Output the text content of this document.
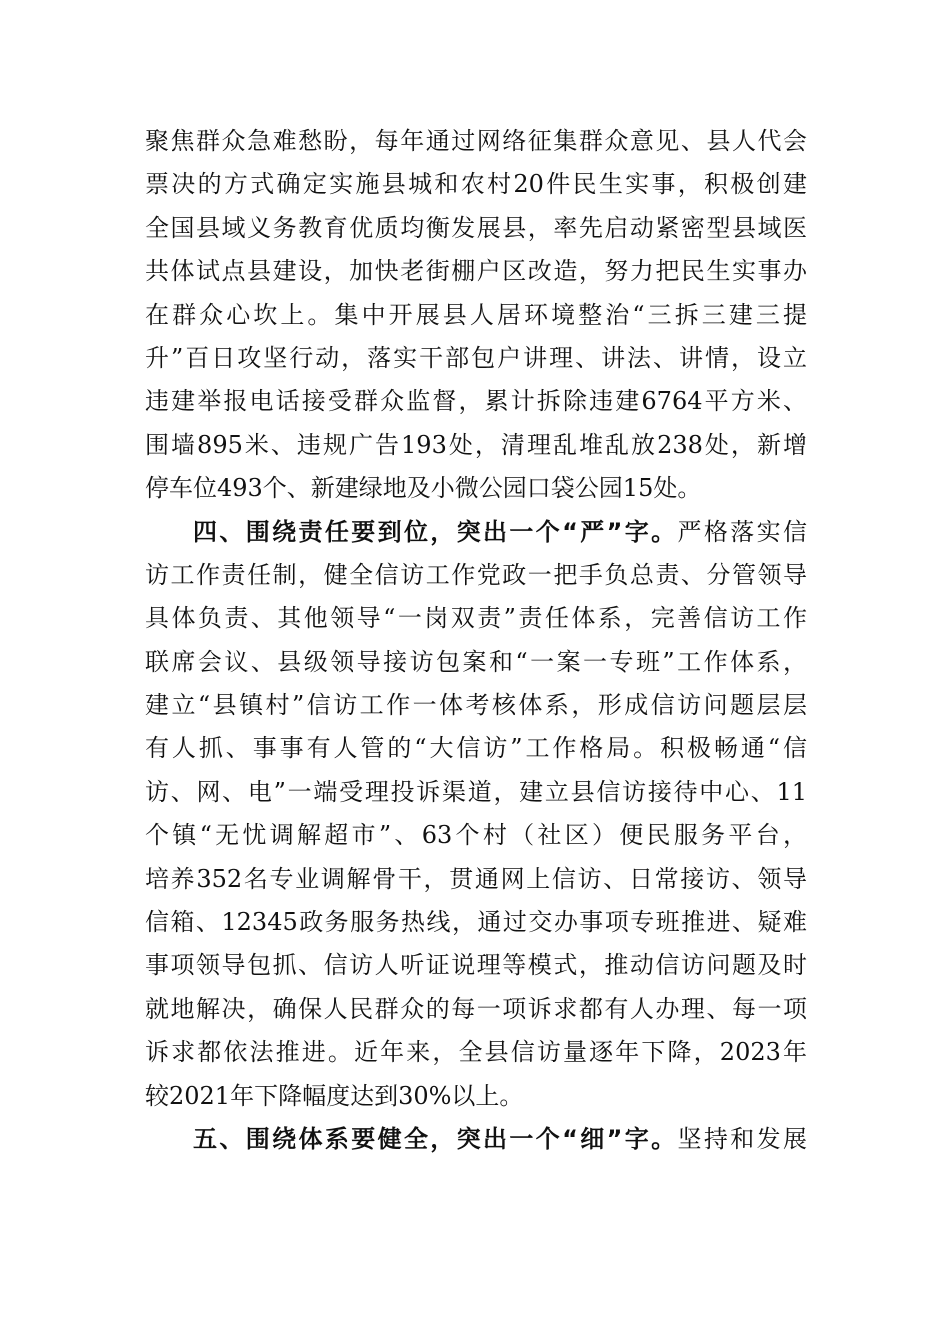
聚焦群众急难愁盼，每年通过网络征集群众意见、县人代会
票决的方式确定实施县城和农村20件民生实事，积极创建
全国县域义务教育优质均衡发展县，率先启动紧密型县域医
共体试点县建设，加快老街棚户区改造，努力把民生实事办
在群众心坎上。集中开展县人居环境整治“三拆三建三提
升”百日攻坚行动，落实干部包户讲理、讲法、讲情，设立
违建举报电话接受群众监督，累计拆除违建6764平方米、
围墙895米、违规广告193处，清理乱堆乱放238处，新增
停车位493个、新建绿地及小微公园口袋公园15处。
四、围绕责任要到位，突出一个“严”字。严格落实信
访工作责任制，健全信访工作党政一把手负总责、分管领导
具体负责、其他领导“一岗双责”责任体系，完善信访工作
联席会议、县级领导接访包案和“一案一专班”工作体系，
建立“县镇村”信访工作一体考核体系，形成信访问题层层
有人抓、事事有人管的“大信访”工作格局。积极畅通“信
访、网、电”一端受理投诉渠道，建立县信访接待中心、11
个镇“无忧调解超市”、63个村（社区）便民服务平台，
培养352名专业调解骨干，贯通网上信访、日常接访、领导
信箱、12345政务服务热线，通过交办事项专班推进、疑难
事项领导包抓、信访人听证说理等模式，推动信访问题及时
就地解决，确保人民群众的每一项诉求都有人办理、每一项
诉求都依法推进。近年来，全县信访量逐年下降，2023年
较2021年下降幅度达到30%以上。
五、围绕体系要健全，突出一个“细”字。坚持和发展
